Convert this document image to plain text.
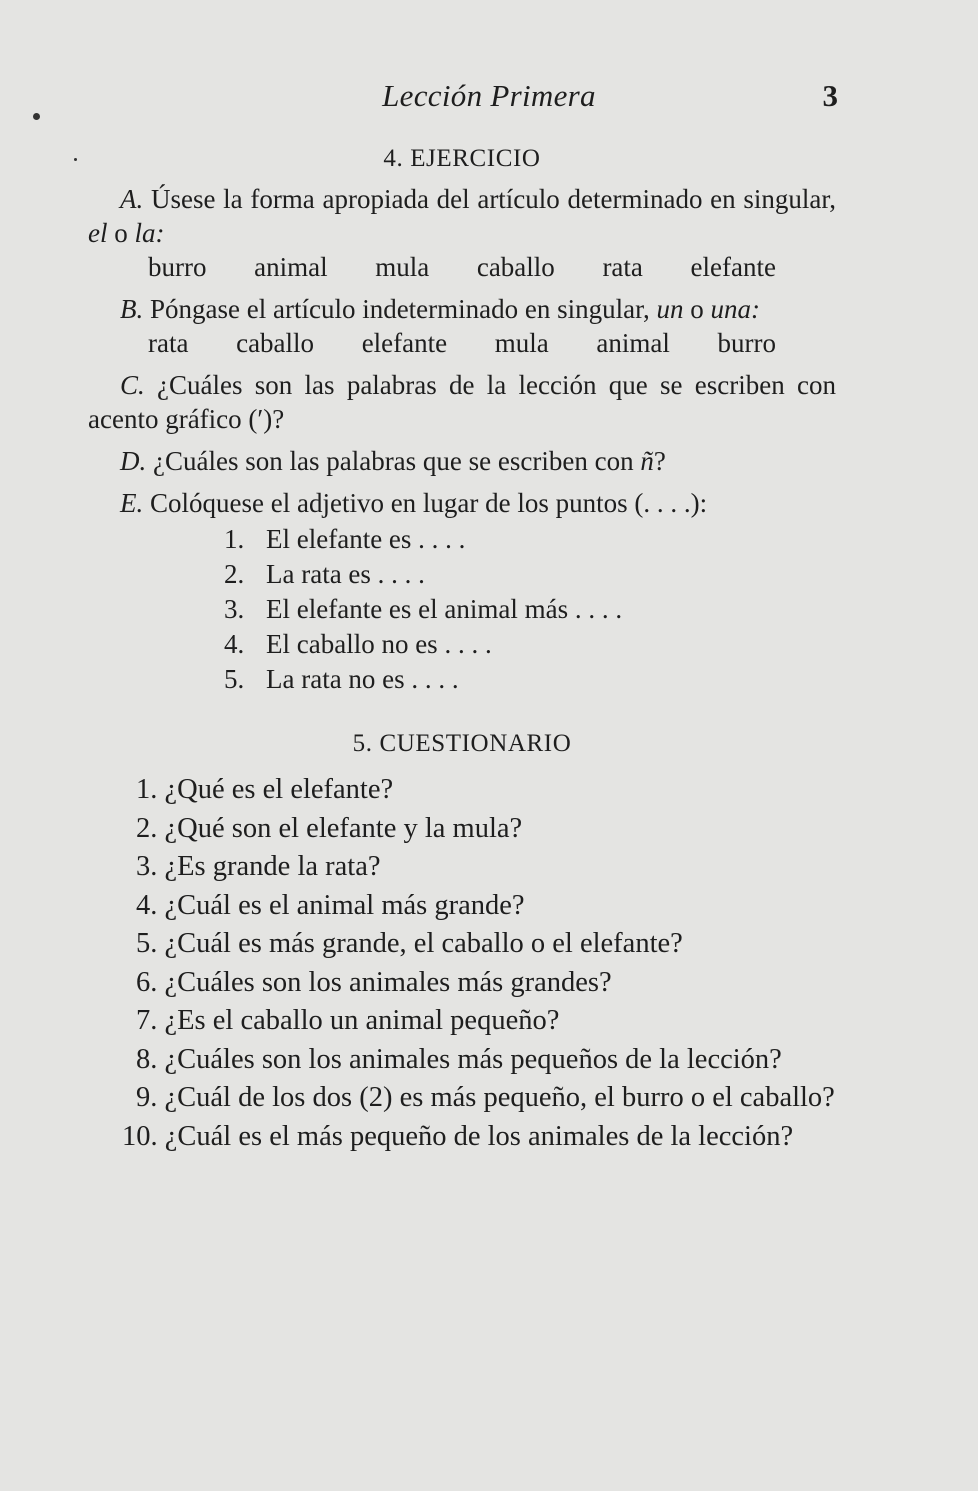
Lección Primera	3
4. EJERCICIO

A. Úsese la forma apropiada del artículo determinado en singular, el o la:

burro animal mula caballo rata elefante

B. Póngase el artículo indeterminado en singular, un o una:

rata caballo elefante mula animal burro

C. ¿Cuáles son las palabras de la lección que se escriben con acento gráfico (′)?

D. ¿Cuáles son las palabras que se escriben con ñ?

E. Colóquese el adjetivo en lugar de los puntos (. . . .):

1. El elefante es . . . .
2. La rata es . . . .
3. El elefante es el animal más . . . .
4. El caballo no es . . . .
5. La rata no es . . . .
5. CUESTIONARIO
1. ¿Qué es el elefante?
2. ¿Qué son el elefante y la mula?
3. ¿Es grande la rata?
4. ¿Cuál es el animal más grande?
5. ¿Cuál es más grande, el caballo o el elefante?
6. ¿Cuáles son los animales más grandes?
7. ¿Es el caballo un animal pequeño?
8. ¿Cuáles son los animales más pequeños de la lección?
9. ¿Cuál de los dos (2) es más pequeño, el burro o el caballo?
10. ¿Cuál es el más pequeño de los animales de la lección?
